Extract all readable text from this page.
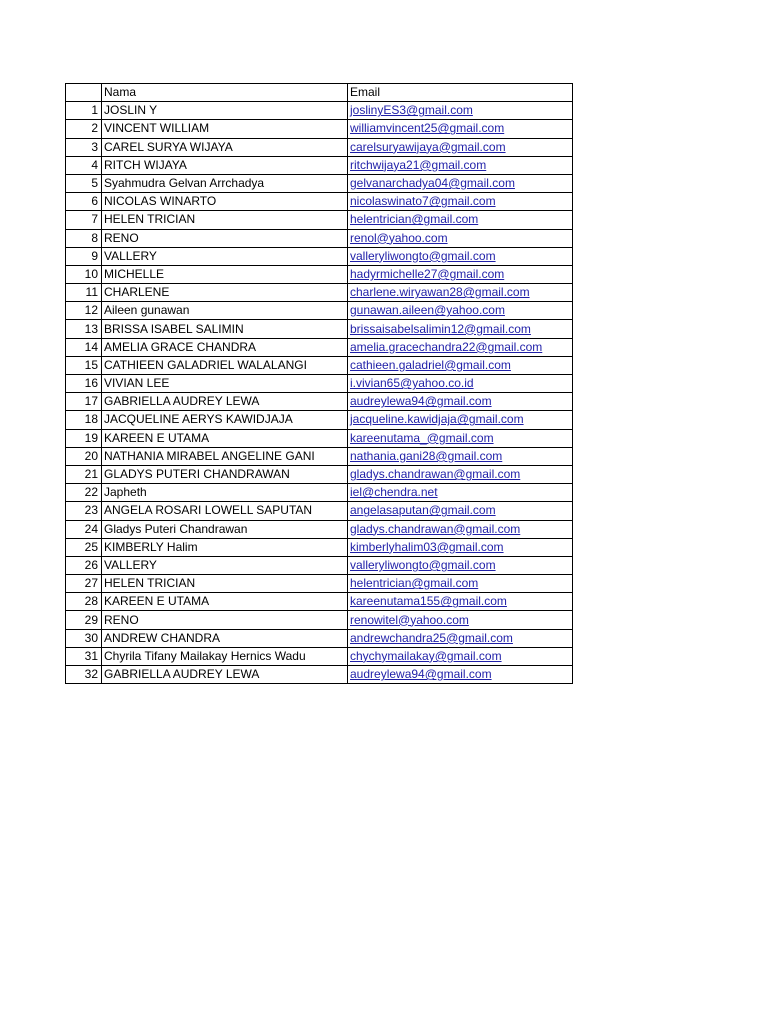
	Nama	Email
1	JOSLIN Y	joslinyES3@gmail.com
2	VINCENT WILLIAM	williamvincent25@gmail.com
3	CAREL SURYA WIJAYA	carelsuryawijaya@gmail.com
4	RITCH WIJAYA	ritchwijaya21@gmail.com
5	Syahmudra Gelvan Arrchadya	gelvanarchadya04@gmail.com
6	NICOLAS WINARTO	nicolaswinato7@gmail.com
7	HELEN TRICIAN	helentrician@gmail.com
8	RENO	renol@yahoo.com
9	VALLERY	valleryliwongto@gmail.com
10	MICHELLE	hadyrmichelle27@gmail.com
11	CHARLENE	charlene.wiryawan28@gmail.com
12	Aileen gunawan	gunawan.aileen@yahoo.com
13	BRISSA ISABEL SALIMIN	brissaisabelsalimin12@gmail.com
14	AMELIA GRACE CHANDRA	amelia.gracechandra22@gmail.com
15	CATHIEEN GALADRIEL WALALANGI	cathieen.galadriel@gmail.com
16	VIVIAN LEE	i.vivian65@yahoo.co.id
17	GABRIELLA AUDREY LEWA	audreylewa94@gmail.com
18	JACQUELINE AERYS KAWIDJAJA	jacqueline.kawidjaja@gmail.com
19	KAREEN E UTAMA	kareenutama_@gmail.com
20	NATHANIA MIRABEL ANGELINE GANI	nathania.gani28@gmail.com
21	GLADYS PUTERI CHANDRAWAN	gladys.chandrawan@gmail.com
22	Japheth	iel@chendra.net
23	ANGELA ROSARI LOWELL SAPUTAN	angelasaputan@gmail.com
24	Gladys Puteri Chandrawan	gladys.chandrawan@gmail.com
25	KIMBERLY Halim	kimberlyhalim03@gmail.com
26	VALLERY	valleryliwongto@gmail.com
27	HELEN TRICIAN	helentrician@gmail.com
28	KAREEN E UTAMA	kareenutama155@gmail.com
29	RENO	renowitel@yahoo.com
30	ANDREW CHANDRA	andrewchandra25@gmail.com
31	Chyrila Tifany Mailakay Hernics Wadu	chychymailakay@gmail.com
32	GABRIELLA AUDREY LEWA	audreylewa94@gmail.com
